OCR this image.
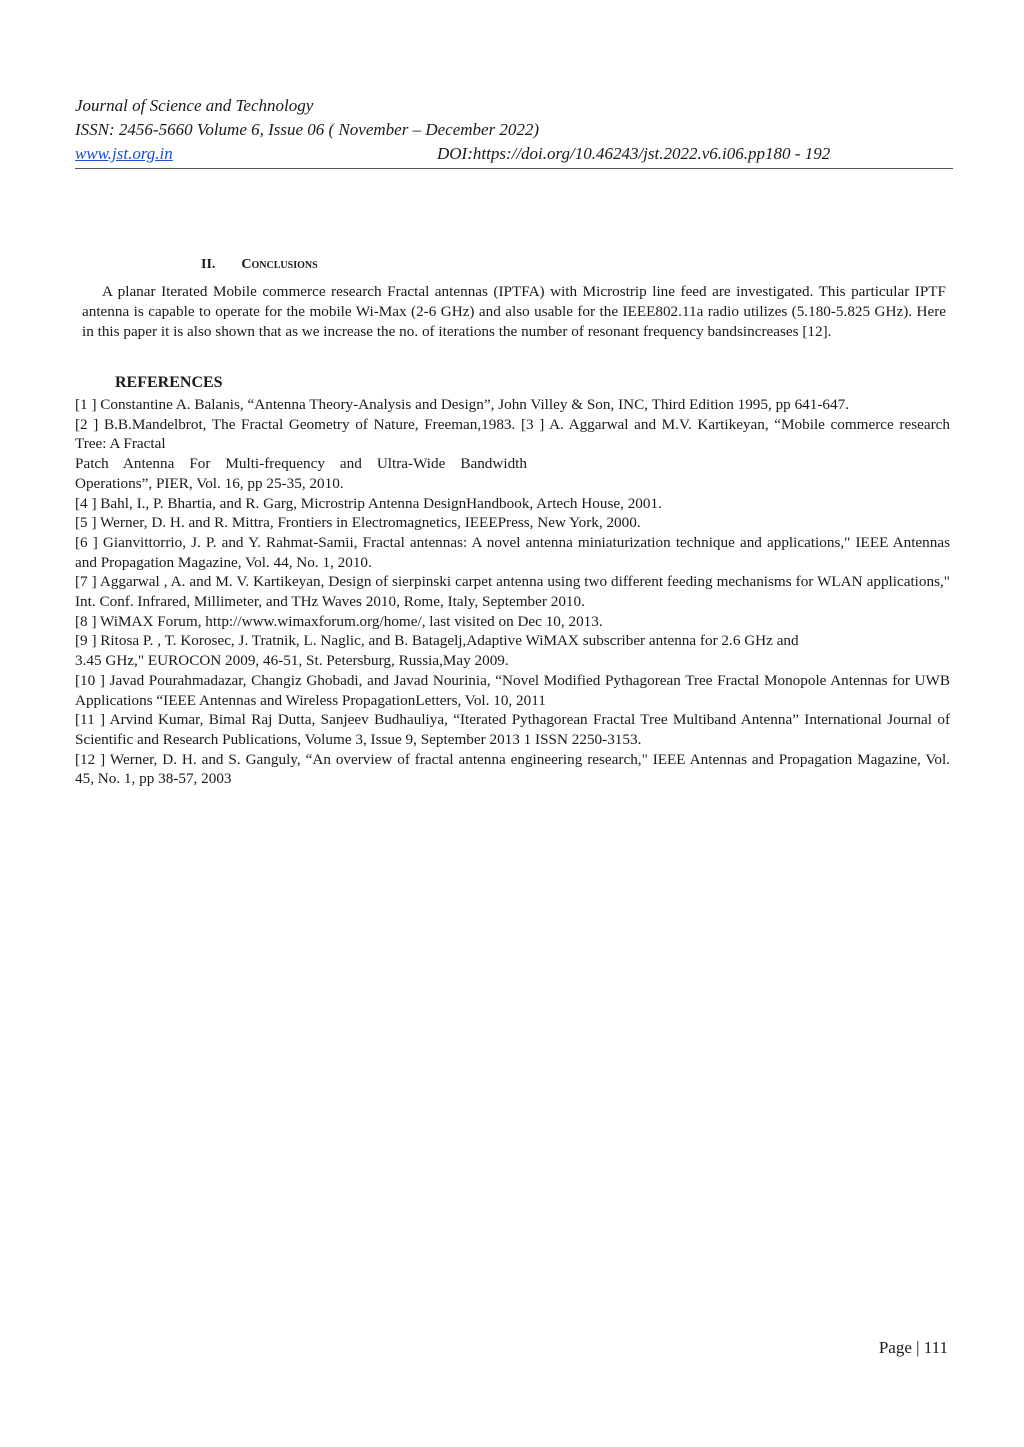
Journal of Science and Technology
ISSN: 2456-5660 Volume 6, Issue 06 ( November – December 2022)
www.jst.org.in	DOI:https://doi.org/10.46243/jst.2022.v6.i06.pp180 - 192
II. Conclusions

A planar Iterated Mobile commerce research Fractal antennas (IPTFA) with Microstrip line feed are investigated. This particular IPTF antenna is capable to operate for the mobile Wi-Max (2-6 GHz) and also usable for the IEEE802.11a radio utilizes (5.180-5.825 GHz). Here in this paper it is also shown that as we increase the no. of iterations the number of resonant frequency bandsincreases [12].

REFERENCES

[1 ] Constantine A. Balanis, “Antenna Theory-Analysis and Design”, John Villey & Son, INC, Third Edition 1995, pp 641-647.

[2 ] B.B.Mandelbrot, The Fractal Geometry of Nature, Freeman,1983. [3 ] A. Aggarwal and M.V. Kartikeyan, “Mobile commerce research Tree: A Fractal

Patch Antenna For Multi-frequency and Ultra-Wide Bandwidth

Operations”, PIER, Vol. 16, pp 25-35, 2010.

[4 ] Bahl, I., P. Bhartia, and R. Garg, Microstrip Antenna DesignHandbook, Artech House, 2001.

[5 ] Werner, D. H. and R. Mittra, Frontiers in Electromagnetics, IEEEPress, New York, 2000.

[6 ] Gianvittorrio, J. P. and Y. Rahmat-Samii, Fractal antennas: A novel antenna miniaturization technique and applications," IEEE Antennas and Propagation Magazine, Vol. 44, No. 1, 2010.

[7 ] Aggarwal , A. and M. V. Kartikeyan, Design of sierpinski carpet antenna using two different feeding mechanisms for WLAN applications," Int. Conf. Infrared, Millimeter, and THz Waves 2010, Rome, Italy, September 2010.

[8 ] WiMAX Forum, http://www.wimaxforum.org/home/, last visited on Dec 10, 2013.

[9 ] Ritosa P. , T. Korosec, J. Tratnik, L. Naglic, and B. Batagelj,Adaptive WiMAX subscriber antenna for 2.6 GHz and

3.45 GHz," EUROCON 2009, 46-51, St. Petersburg, Russia,May 2009.

[10 ] Javad Pourahmadazar, Changiz Ghobadi, and Javad Nourinia, “Novel Modified Pythagorean Tree Fractal Monopole Antennas for UWB Applications “IEEE Antennas and Wireless PropagationLetters, Vol. 10, 2011

[11 ] Arvind Kumar, Bimal Raj Dutta, Sanjeev Budhauliya, “Iterated Pythagorean Fractal Tree Multiband Antenna” International Journal of Scientific and Research Publications, Volume 3, Issue 9, September 2013 1 ISSN 2250-3153.

[12 ] Werner, D. H. and S. Ganguly, “An overview of fractal antenna engineering research," IEEE Antennas and Propagation Magazine, Vol. 45, No. 1, pp 38-57, 2003

Page | 111
